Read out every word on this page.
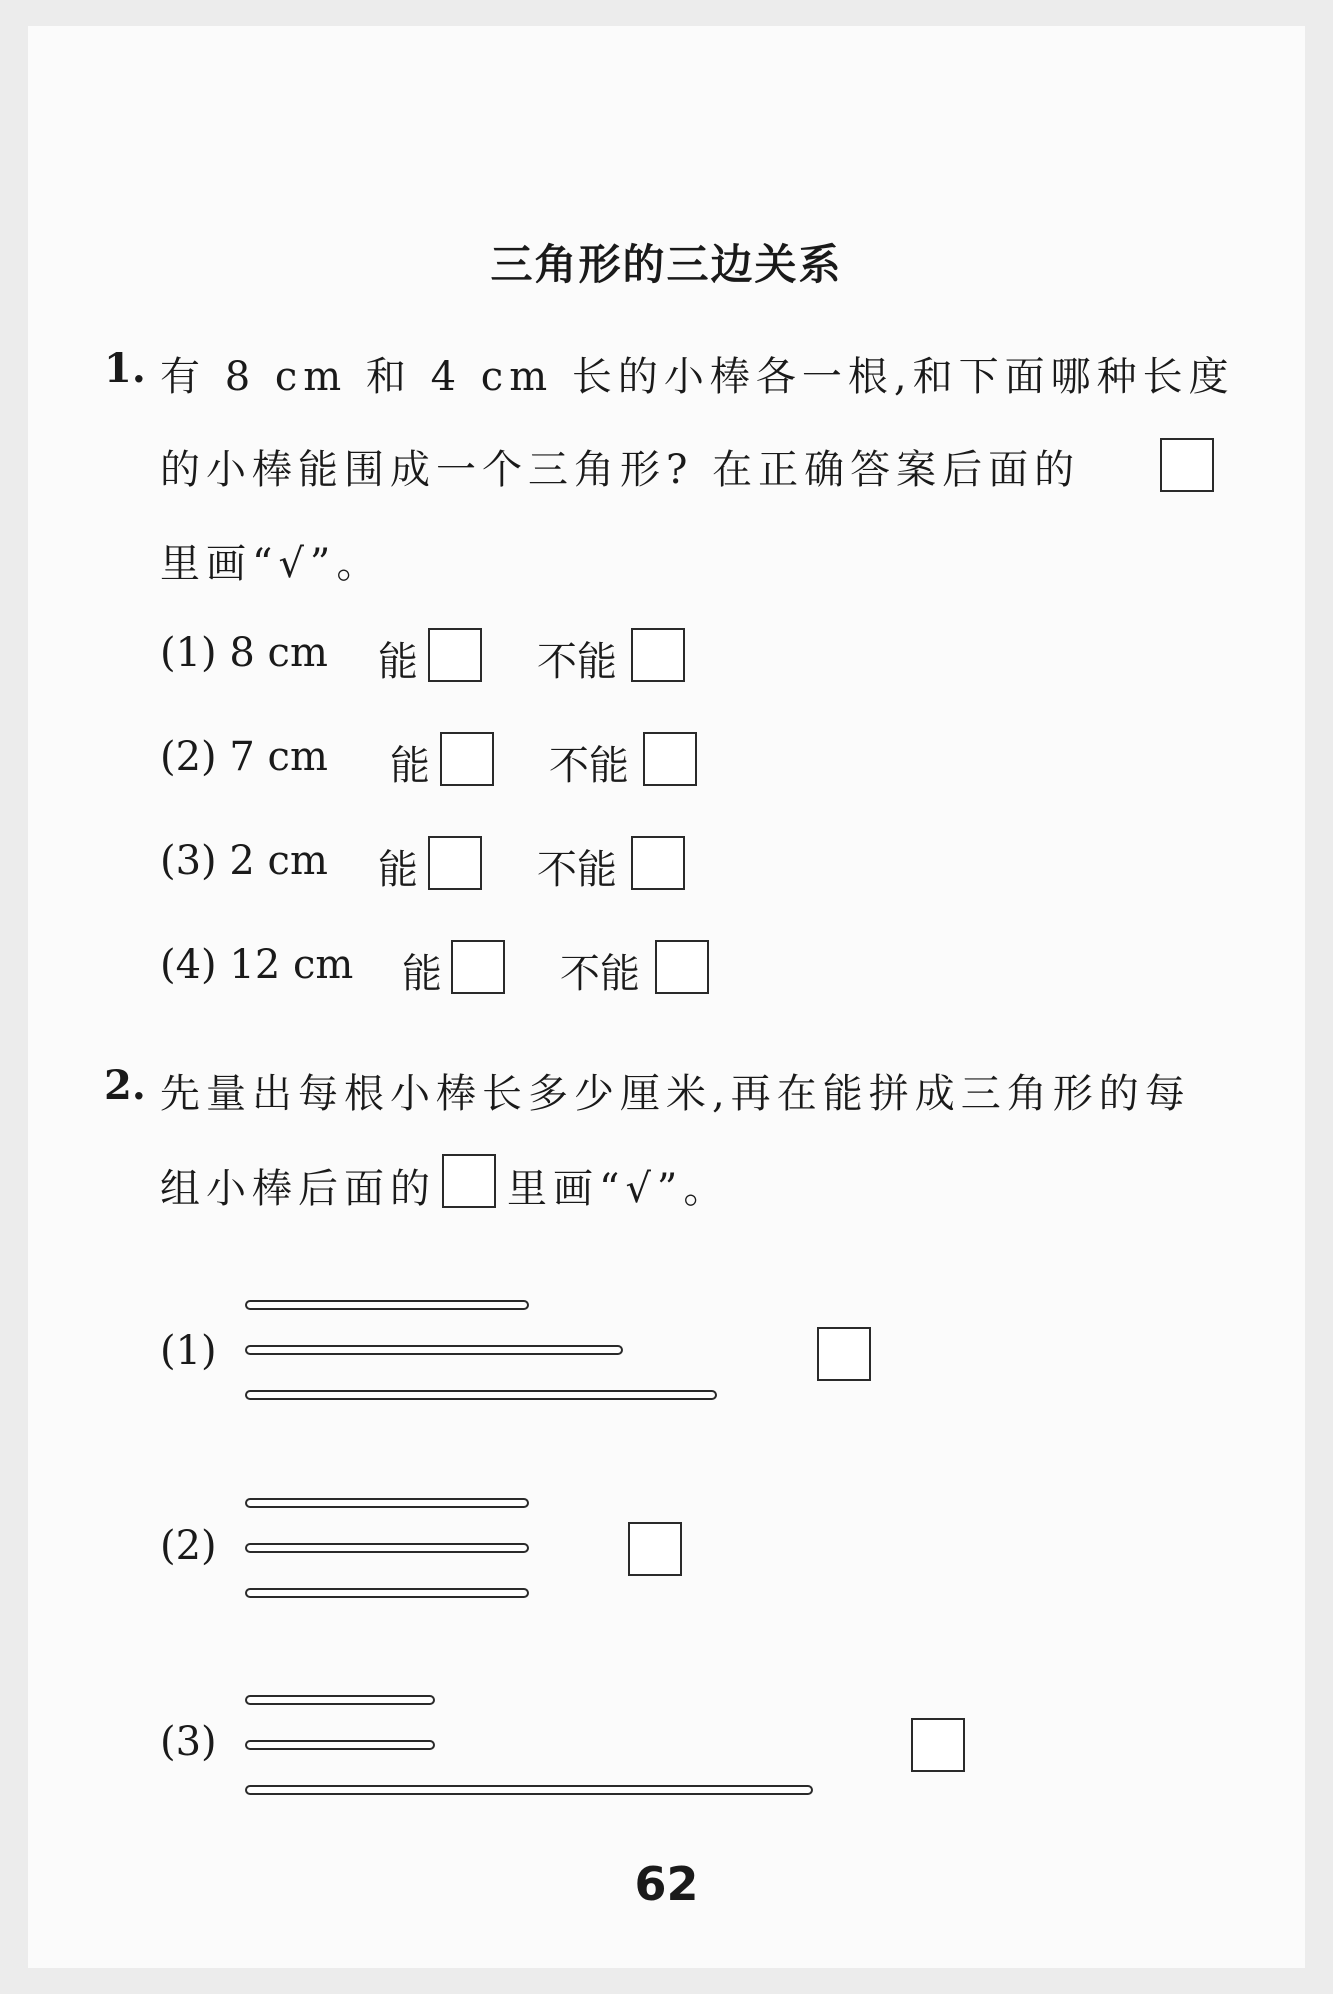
三角形的三边关系
1. 有 8 cm 和 4 cm 长的小棒各一根,和下面哪种长度
的小棒能围成一个三角形? 在正确答案后面的
里画“√”。
(1) 8 cm 能	不能
(2) 7 cm 能	不能
(3) 2 cm 能	不能
(4) 12 cm 能	不能
2. 先量出每根小棒长多少厘米,再在能拼成三角形的每
组小棒后面的 里画“√”。
(1)
(2)
(3)
62
